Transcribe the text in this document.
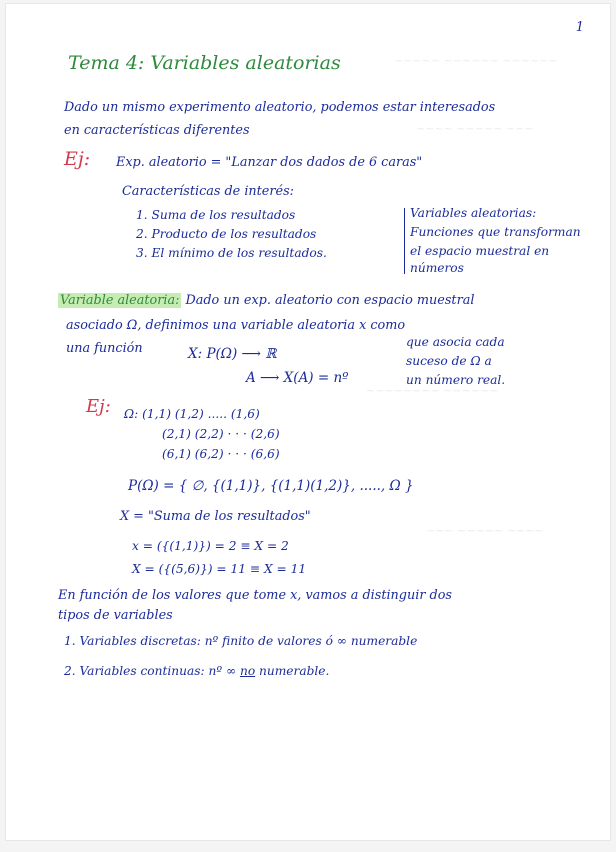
~~~~~ ~~~~~~ ~~~~~~
~~~~ ~~~~~ ~~~
~~~~~~~~ ~~~~~~
~~~ ~~~~~ ~~~~
1
Tema 4: Variables aleatorias
Dado un mismo experimento aleatorio, podemos estar interesados
en características diferentes
Ej: Exp. aleatorio = "Lanzar dos dados de 6 caras"
Características de interés:
1. Suma de los resultados
2. Producto de los resultados
3. El mínimo de los resultados.
Variables aleatorias:
Funciones que transforman
el espacio muestral en
números
Variable aleatoria: Dado un exp. aleatorio con espacio muestral
asociado Ω, definimos una variable aleatoria x como
una función	X: P(Ω) ⟶ ℝ
A ⟶ X(A) = nº
que asocia cada
suceso de Ω a
un número real.
Ej: Ω: (1,1) (1,2) ..... (1,6)
(2,1) (2,2) · · · (2,6)
(6,1) (6,2) · · · (6,6)
P(Ω) = { ∅, {(1,1)}, {(1,1)(1,2)}, ....., Ω }
X = "Suma de los resultados"
x = ({(1,1)}) = 2 ≡ X = 2
X = ({(5,6)}) = 11 ≡ X = 11
En función de los valores que tome x, vamos a distinguir dos
tipos de variables
1. Variables discretas: nº finito de valores ó ∞ numerable
2. Variables continuas: nº ∞ no numerable.
